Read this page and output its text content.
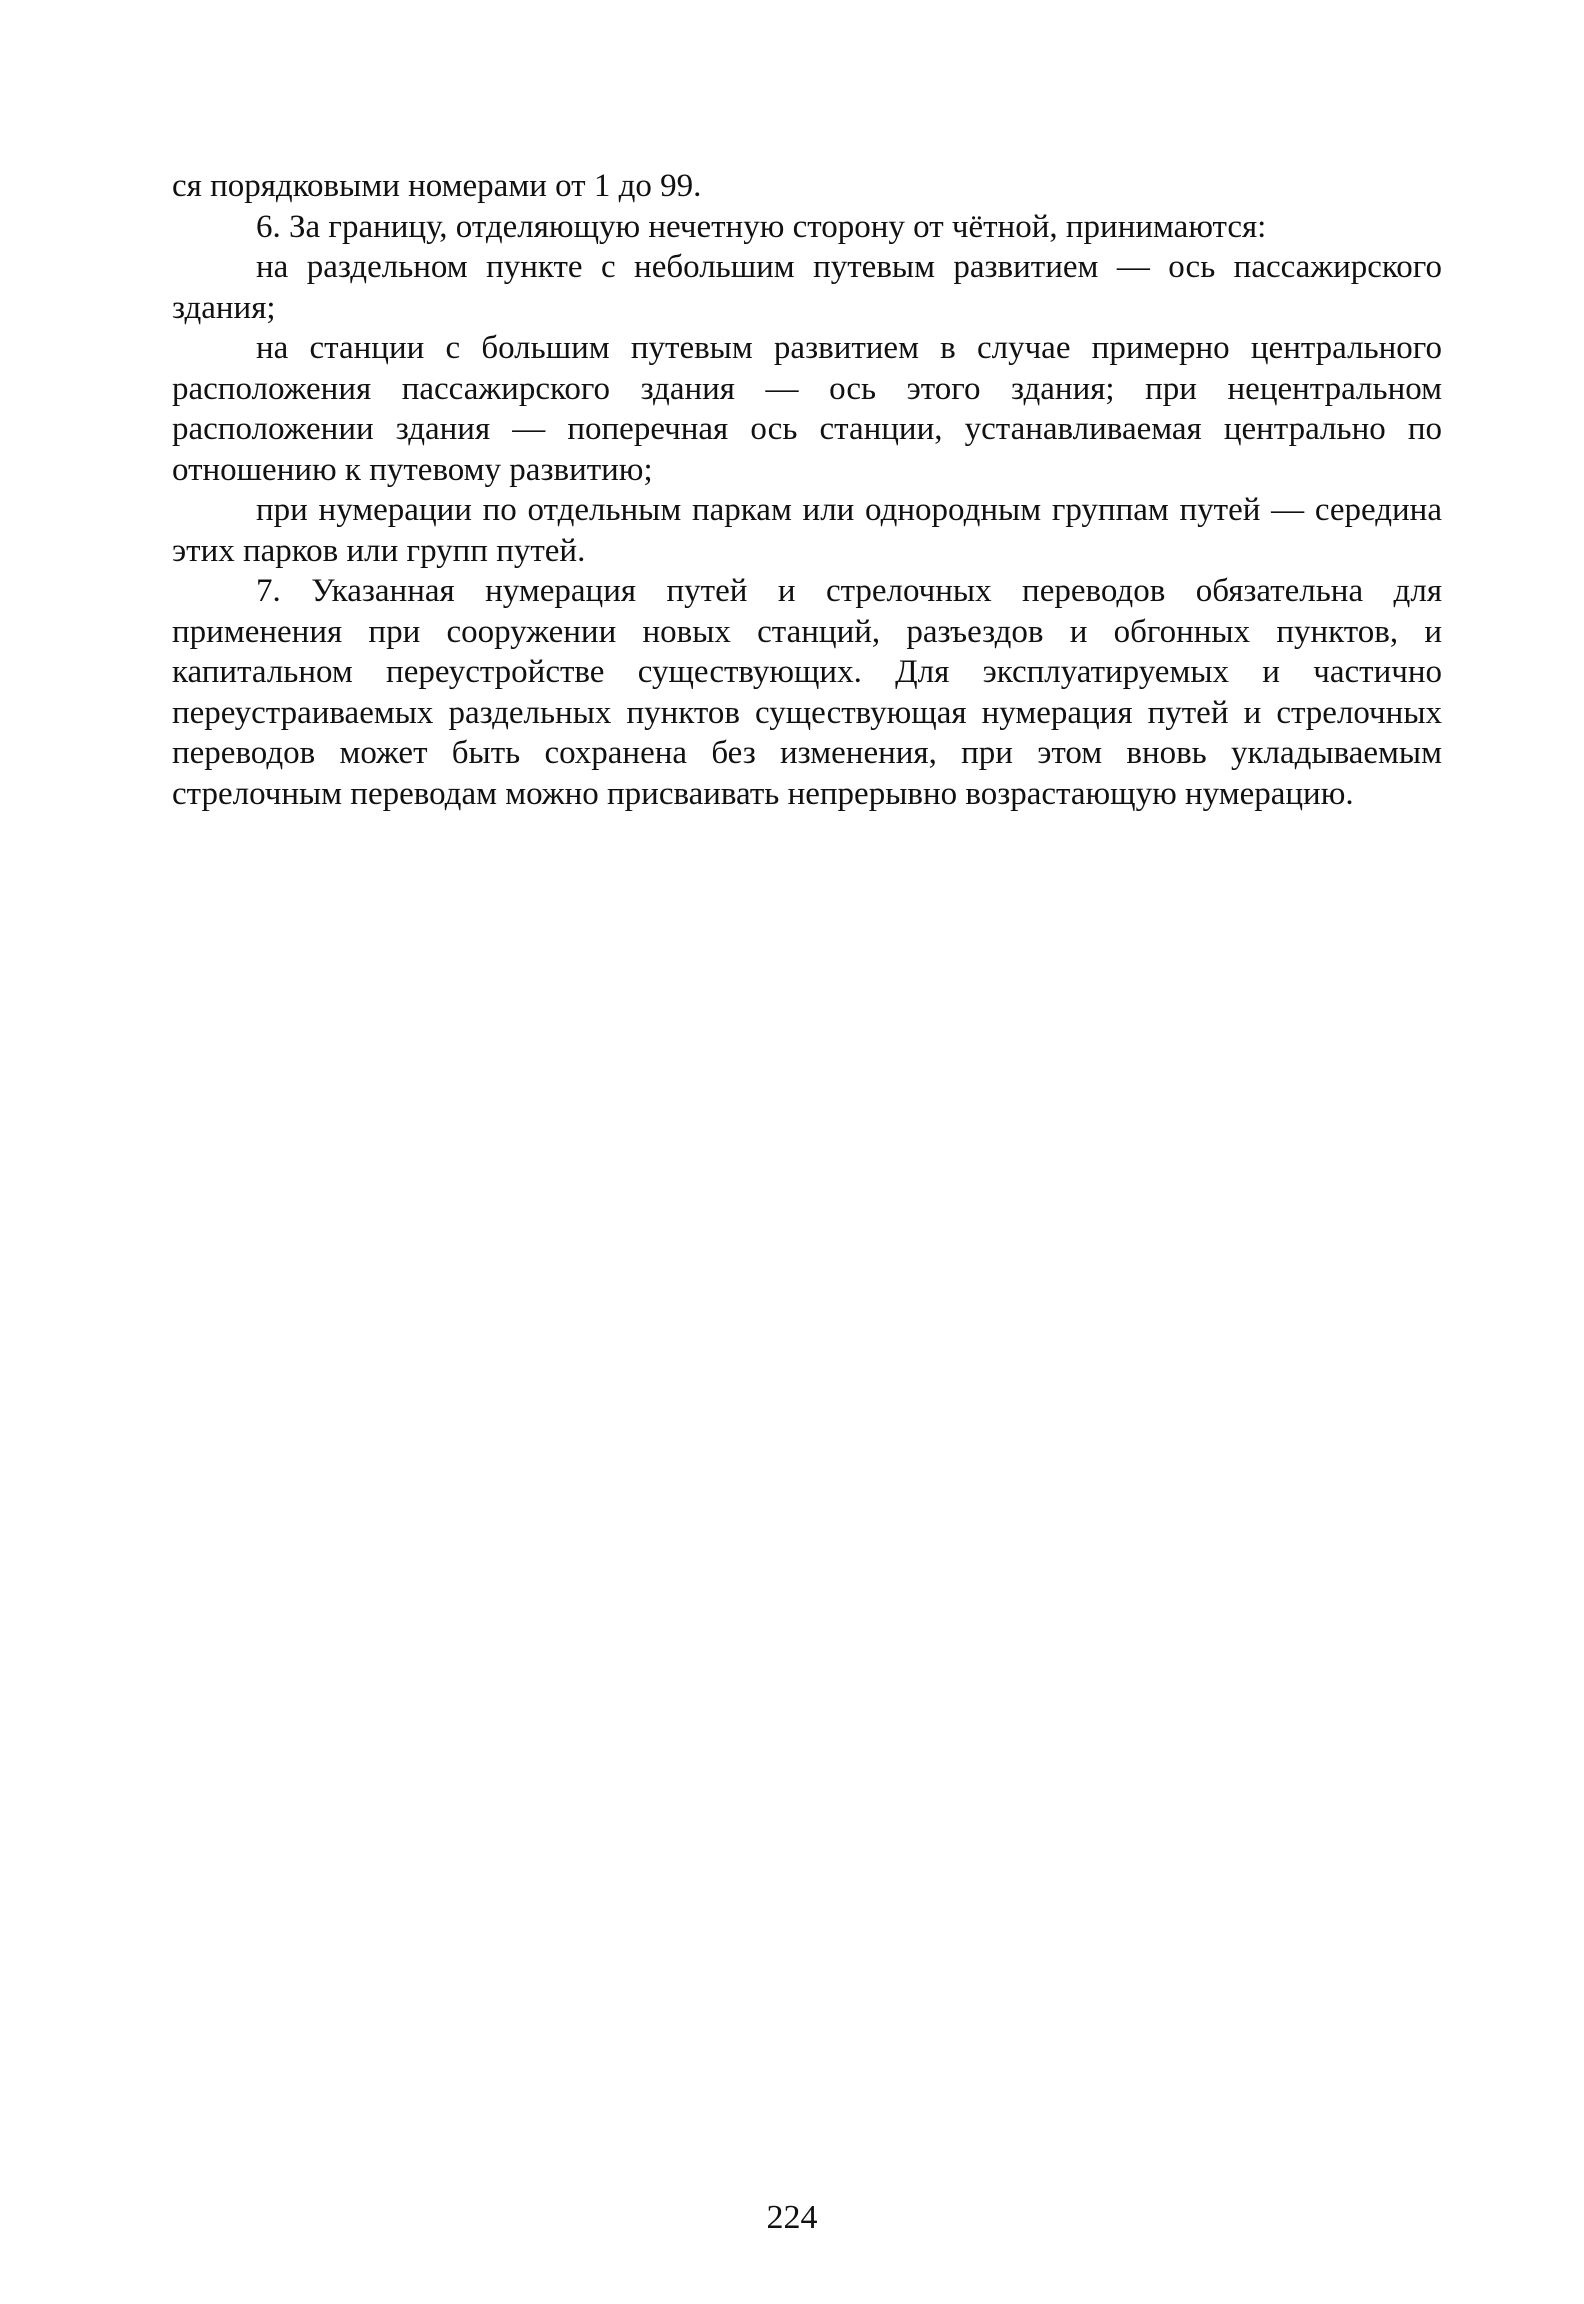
ся порядковыми номерами от 1 до 99.

6. За границу, отделяющую нечетную сторону от чётной, принимаются:

на раздельном пункте с небольшим путевым развитием — ось пассажирского здания;

на станции с большим путевым развитием в случае примерно центрального расположения пассажирского здания — ось этого здания; при нецентральном расположении здания — поперечная ось станции, устанавливаемая центрально по отношению к путевому развитию;

при нумерации по отдельным паркам или однородным группам путей — середина этих парков или групп путей.

7. Указанная нумерация путей и стрелочных переводов обязательна для применения при сооружении новых станций, разъездов и обгонных пунктов, и капитальном переустройстве существующих. Для эксплуатируемых и частично переустраиваемых раздельных пунктов существующая нумерация путей и стрелочных переводов может быть сохранена без изменения, при этом вновь укладываемым стрелочным переводам можно присваивать непрерывно возрастающую нумерацию.

224
